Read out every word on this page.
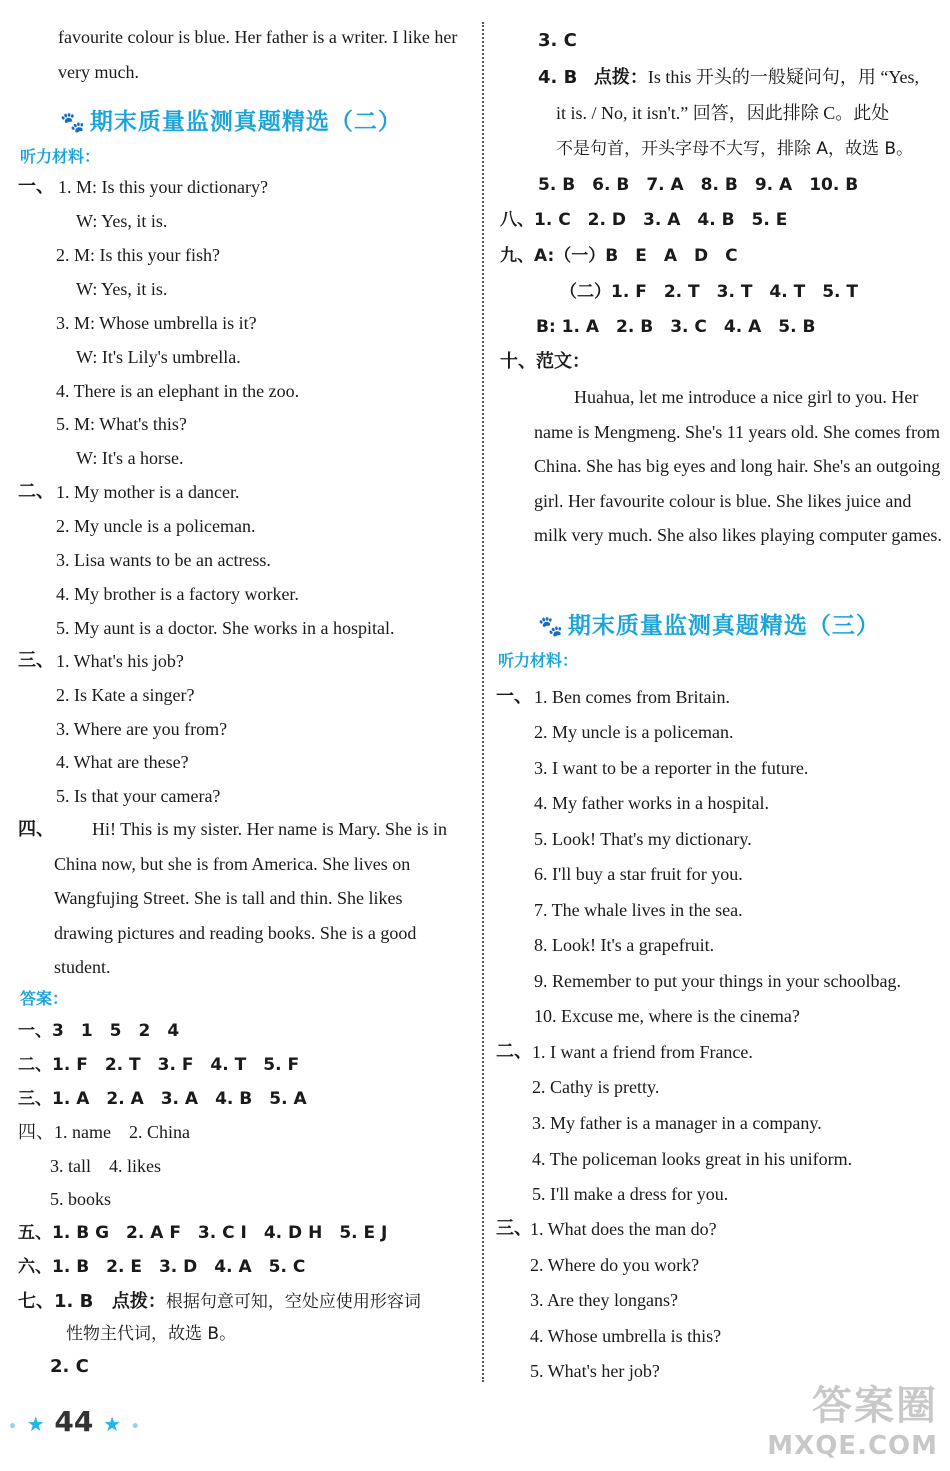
favourite colour is blue. Her father is a writer. I like her very much.
🐾 期末质量监测真题精选（二）
听力材料：
一、 1. M: Is this your dictionary?
W: Yes, it is.
2. M: Is this your fish?
W: Yes, it is.
3. M: Whose umbrella is it?
W: It's Lily's umbrella.
4. There is an elephant in the zoo.
5. M: What's this?
W: It's a horse.
二、 1. My mother is a dancer.
2. My uncle is a policeman.
3. Lisa wants to be an actress.
4. My brother is a factory worker.
5. My aunt is a doctor. She works in a hospital.
三、 1. What's his job?
2. Is Kate a singer?
3. Where are you from?
4. What are these?
5. Is that your camera?
四、	Hi! This is my sister. Her name is Mary. She is in China now, but she is from America. She lives on Wangfujing Street. She is tall and thin. She likes drawing pictures and reading books. She is a good student.
答案：
一、3　1　5　2　4
二、1. F　2. T　3. F　4. T　5. F
三、1. A　2. A　3. A　4. B　5. A
四、1. name　2. China
3. tall　4. likes
5. books
五、1. B G　2. A F　3. C I　4. D H　5. E J
六、1. B　2. E　3. D　4. A　5. C
七、1. B 点拨：根据句意可知，空处应使用形容词
性物主代词，故选 B。
2. C
3. C
4. B 点拨：Is this 开头的一般疑问句，用 “Yes,
it is. / No, it isn't.” 回答，因此排除 C。此处
不是句首，开头字母不大写，排除 A，故选 B。
5. B　6. B　7. A　8. B　9. A　10. B
八、1. C　2. D　3. A　4. B　5. E
九、A:（一）B　E　A　D　C
（二）1. F　2. T　3. T　4. T　5. T
B: 1. A　2. B　3. C　4. A　5. B
十、范文：
Huahua, let me introduce a nice girl to you. Her name is Mengmeng. She's 11 years old. She comes from China. She has big eyes and long hair. She's an outgoing girl. Her favourite colour is blue. She likes juice and milk very much. She also likes playing computer games.
🐾 期末质量监测真题精选（三）
听力材料：
一、 1. Ben comes from Britain.
2. My uncle is a policeman.
3. I want to be a reporter in the future.
4. My father works in a hospital.
5. Look! That's my dictionary.
6. I'll buy a star fruit for you.
7. The whale lives in the sea.
8. Look! It's a grapefruit.
9. Remember to put your things in your schoolbag.
10. Excuse me, where is the cinema?
二、 1. I want a friend from France.
2. Cathy is pretty.
3. My father is a manager in a company.
4. The policeman looks great in his uniform.
5. I'll make a dress for you.
三、
1. What does the man do?
2. Where do you work?
3. Are they longans?
4. Whose umbrella is this?
5. What's her job?
• ★ 44 ★ •	答案圈
MXQE.COM
